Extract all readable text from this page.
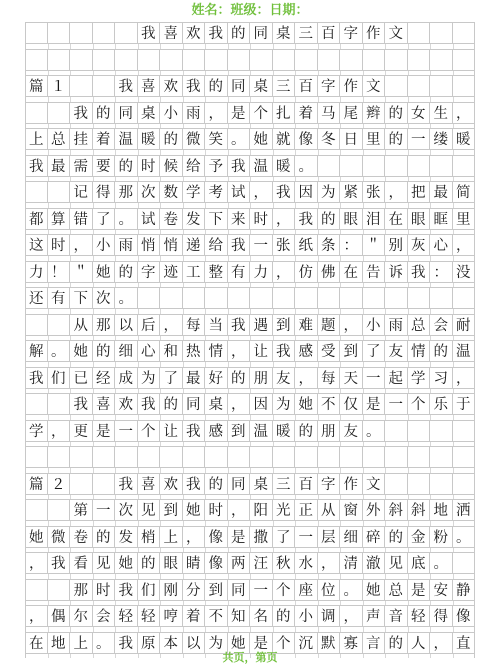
姓名：班级：日期：
我 喜 欢 我 的 同 桌 三 百 字 作 文
篇 １	我 喜 欢 我 的 同 桌 三 百 字 作 文
我 的 同 桌 小 雨 ， 是 个 扎 着 马 尾 辫 的 女 生 ，
上 总 挂 着 温 暖 的 微 笑 。 她 就 像 冬 日 里 的 一 缕 暖
我 最 需 要 的 时 候 给 予 我 温 暖 。
记 得 那 次 数 学 考 试 ， 我 因 为 紧 张 ， 把 最 简
都 算 错 了 。 试 卷 发 下 来 时 ， 我 的 眼 泪 在 眼 眶 里
这 时 ， 小 雨 悄 悄 递 给 我 一 张 纸 条 ： ＂ 别 灰 心 ，
力 ！ ＂ 她 的 字 迹 工 整 有 力 ， 仿 佛 在 告 诉 我 ： 没
还 有 下 次 。
从 那 以 后 ， 每 当 我 遇 到 难 题 ， 小 雨 总 会 耐
解 。 她 的 细 心 和 热 情 ， 让 我 感 受 到 了 友 情 的 温
我 们 已 经 成 为 了 最 好 的 朋 友 ， 每 天 一 起 学 习 ，
我 喜 欢 我 的 同 桌 ， 因 为 她 不 仅 是 一 个 乐 于
学 ， 更 是 一 个 让 我 感 到 温 暖 的 朋 友 。
篇 ２	我 喜 欢 我 的 同 桌 三 百 字 作 文
第 一 次 见 到 她 时 ， 阳 光 正 从 窗 外 斜 斜 地 洒
她 微 卷 的 发 梢 上 ， 像 是 撒 了 一 层 细 碎 的 金 粉 。
， 我 看 见 她 的 眼 睛 像 两 汪 秋 水 ， 清 澈 见 底 。
那 时 我 们 刚 分 到 同 一 个 座 位 。 她 总 是 安 静
， 偶 尔 会 轻 轻 哼 着 不 知 名 的 小 调 ， 声 音 轻 得 像
在 地 上 。 我 原 本 以 为 她 是 个 沉 默 寡 言 的 人 ， 直
共页，第页
